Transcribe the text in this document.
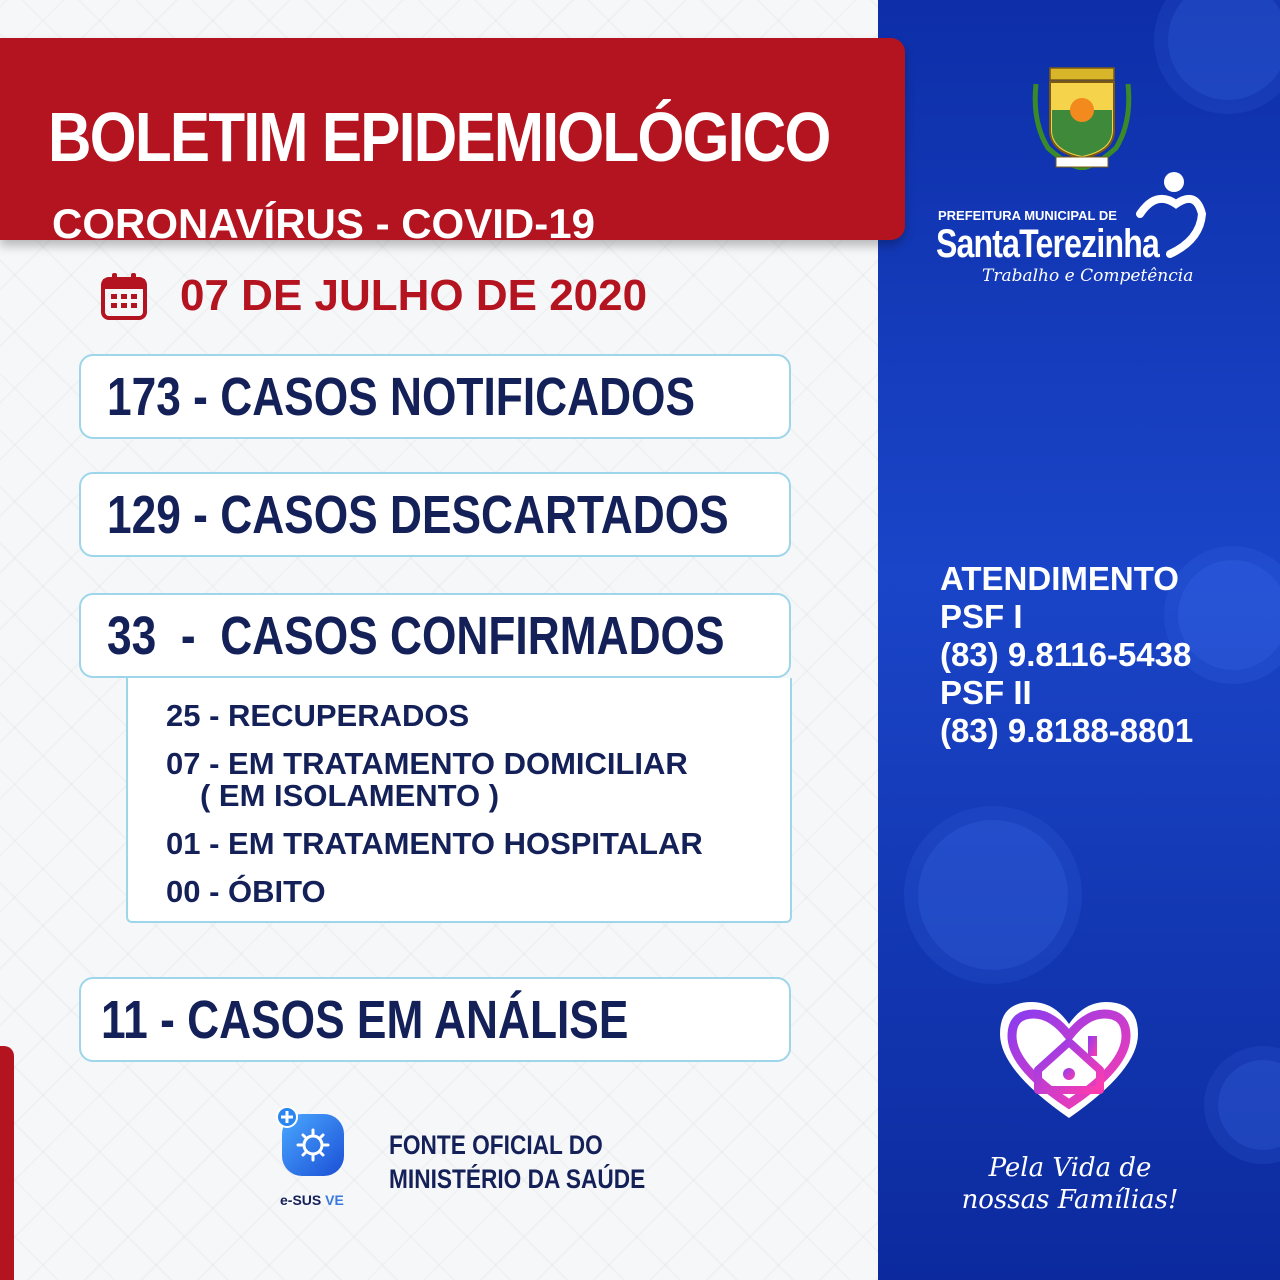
BOLETIM EPIDEMIOLÓGICO
CORONAVÍRUS - COVID-19
07 DE JULHO DE 2020
173 - CASOS NOTIFICADOS
129 - CASOS DESCARTADOS
25 - RECUPERADOS
07 - EM TRATAMENTO DOMICILIAR
( EM ISOLAMENTO )
01 - EM TRATAMENTO HOSPITALAR
00 - ÓBITO
33  -  CASOS CONFIRMADOS
11 - CASOS EM ANÁLISE
e-SUS VE
FONTE OFICIAL DO
MINISTÉRIO DA SAÚDE
PREFEITURA MUNICIPAL DE
SantaTerezinha
Trabalho e Competência
ATENDIMENTO
PSF I
(83) 9.8116-5438
PSF II
(83) 9.8188-8801
Pela Vida de
nossas Famílias!
